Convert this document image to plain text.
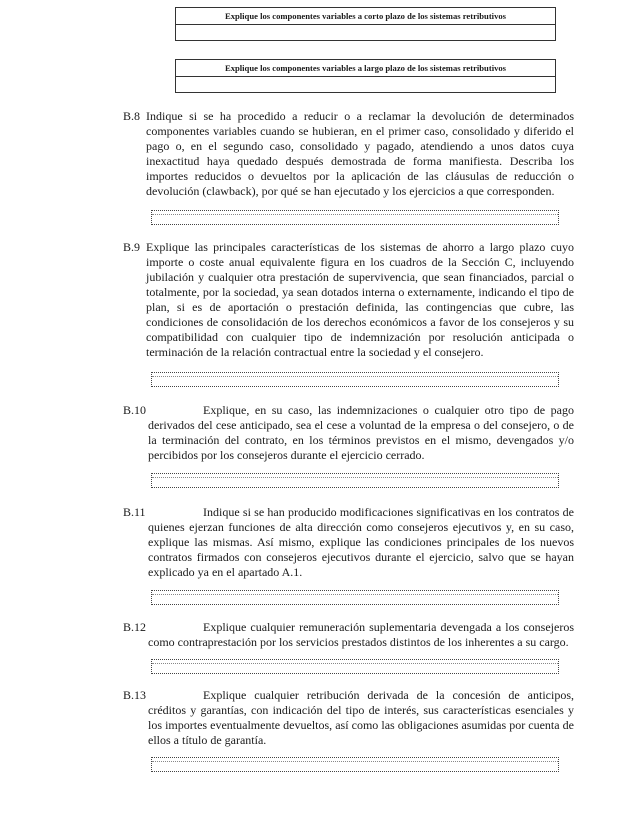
Explique los componentes variables a corto plazo de los sistemas retributivos
Explique los componentes variables a largo plazo de los sistemas retributivos
B.8 Indique si se ha procedido a reducir o a reclamar la devolución de determinados componentes variables cuando se hubieran, en el primer caso, consolidado y diferido el pago o, en el segundo caso, consolidado y pagado, atendiendo a unos datos cuya inexactitud haya quedado después demostrada de forma manifiesta. Describa los importes reducidos o devueltos por la aplicación de las cláusulas de reducción o devolución (clawback), por qué se han ejecutado y los ejercicios a que corresponden.

B.9 Explique las principales características de los sistemas de ahorro a largo plazo cuyo importe o coste anual equivalente figura en los cuadros de la Sección C, incluyendo jubilación y cualquier otra prestación de supervivencia, que sean financiados, parcial o totalmente, por la sociedad, ya sean dotados interna o externamente, indicando el tipo de plan, si es de aportación o prestación definida, las contingencias que cubre, las condiciones de consolidación de los derechos económicos a favor de los consejeros y su compatibilidad con cualquier tipo de indemnización por resolución anticipada o terminación de la relación contractual entre la sociedad y el consejero.

B.10	Explique, en su caso, las indemnizaciones o cualquier otro tipo de pago derivados del cese anticipado, sea el cese a voluntad de la empresa o del consejero, o de la terminación del contrato, en los términos previstos en el mismo, devengados y/o percibidos por los consejeros durante el ejercicio cerrado.

B.11	Indique si se han producido modificaciones significativas en los contratos de quienes ejerzan funciones de alta dirección como consejeros ejecutivos y, en su caso, explique las mismas. Así mismo, explique las condiciones principales de los nuevos contratos firmados con consejeros ejecutivos durante el ejercicio, salvo que se hayan explicado ya en el apartado A.1.

B.12	Explique cualquier remuneración suplementaria devengada a los consejeros como contraprestación por los servicios prestados distintos de los inherentes a su cargo.

B.13	Explique cualquier retribución derivada de la concesión de anticipos, créditos y garantías, con indicación del tipo de interés, sus características esenciales y los importes eventualmente devueltos, así como las obligaciones asumidas por cuenta de ellos a título de garantía.
